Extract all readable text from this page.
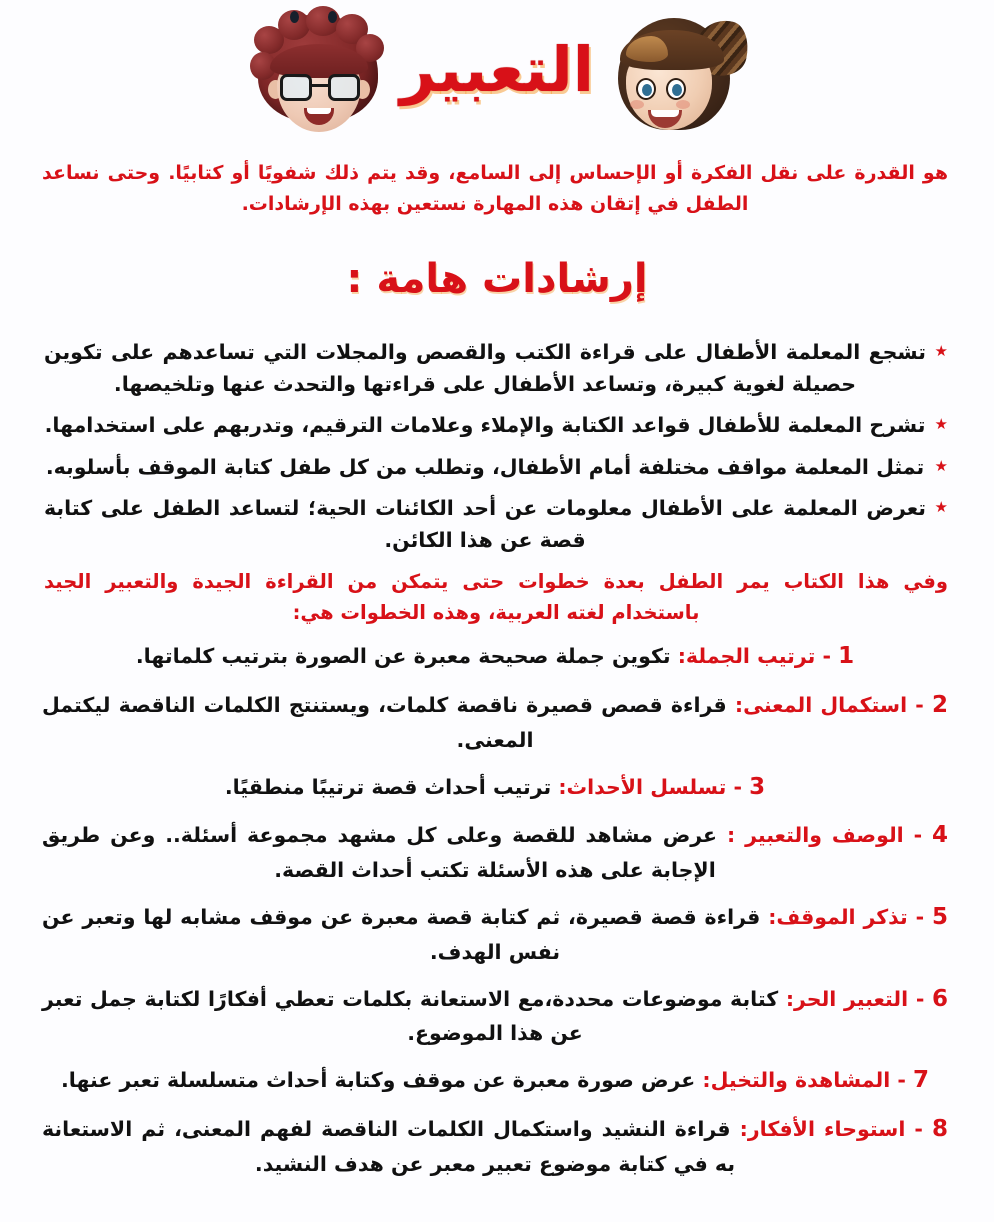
التعبير
هو القدرة على نقل الفكرة أو الإحساس إلى السامع، وقد يتم ذلك شفويًا أو كتابيًا. وحتى نساعد الطفل في إتقان هذه المهارة نستعين بهذه الإرشادات.
إرشادات هامة :
★
تشجع المعلمة الأطفال على قراءة الكتب والقصص والمجلات التي تساعدهم على تكوين حصيلة لغوية كبيرة، وتساعد الأطفال على قراءتها والتحدث عنها وتلخيصها.
★
تشرح المعلمة للأطفال قواعد الكتابة والإملاء وعلامات الترقيم، وتدربهم على استخدامها.
★
تمثل المعلمة مواقف مختلفة أمام الأطفال، وتطلب من كل طفل كتابة الموقف بأسلوبه.
★
تعرض المعلمة على الأطفال معلومات عن أحد الكائنات الحية؛ لتساعد الطفل على كتابة قصة عن هذا الكائن.
وفي هذا الكتاب يمر الطفل بعدة خطوات حتى يتمكن من القراءة الجيدة والتعبير الجيد باستخدام لغته العربية، وهذه الخطوات هي:
1 - ترتيب الجملة: تكوين جملة صحيحة معبرة عن الصورة بترتيب كلماتها.
2 - استكمال المعنى: قراءة قصص قصيرة ناقصة كلمات، ويستنتج الكلمات الناقصة ليكتمل المعنى.
3 - تسلسل الأحداث: ترتيب أحداث قصة ترتيبًا منطقيًا.
4 - الوصف والتعبير : عرض مشاهد للقصة وعلى كل مشهد مجموعة أسئلة.. وعن طريق الإجابة على هذه الأسئلة تكتب أحداث القصة.
5 - تذكر الموقف: قراءة قصة قصيرة، ثم كتابة قصة معبرة عن موقف مشابه لها وتعبر عن نفس الهدف.
6 - التعبير الحر: كتابة موضوعات محددة،مع الاستعانة بكلمات تعطي أفكارًا لكتابة جمل تعبر عن هذا الموضوع.
7 - المشاهدة والتخيل: عرض صورة معبرة عن موقف وكتابة أحداث متسلسلة تعبر عنها.
8 - استوحاء الأفكار: قراءة النشيد واستكمال الكلمات الناقصة لفهم المعنى، ثم الاستعانة به في كتابة موضوع تعبير معبر عن هدف النشيد.
